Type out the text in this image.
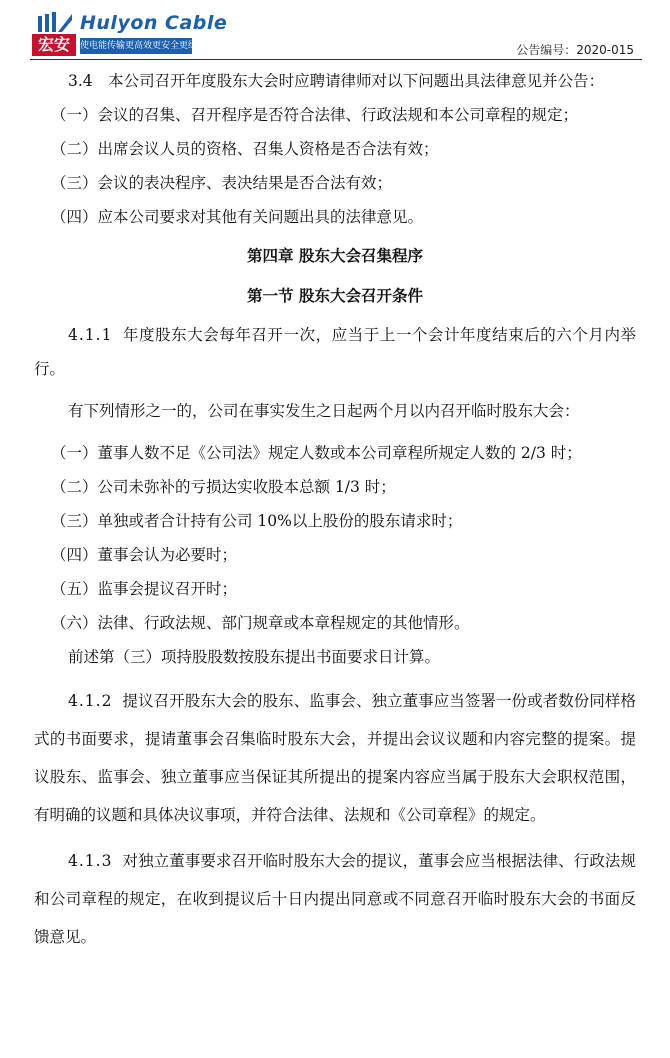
宏安
Hulyon Cable
使电能传输更高效更安全更绿色	公告编号：2020-015

3.4　本公司召开年度股东大会时应聘请律师对以下问题出具法律意见并公告：

（一）会议的召集、召开程序是否符合法律、行政法规和本公司章程的规定；

（二）出席会议人员的资格、召集人资格是否合法有效；

（三）会议的表决程序、表决结果是否合法有效；

（四）应本公司要求对其他有关问题出具的法律意见。

第四章 股东大会召集程序

第一节 股东大会召开条件

4.1.1 年度股东大会每年召开一次，应当于上一个会计年度结束后的六个月内举行。

有下列情形之一的，公司在事实发生之日起两个月以内召开临时股东大会：

（一）董事人数不足《公司法》规定人数或本公司章程所规定人数的 2/3 时；

（二）公司未弥补的亏损达实收股本总额 1/3 时；

（三）单独或者合计持有公司 10%以上股份的股东请求时；

（四）董事会认为必要时；

（五）监事会提议召开时；

（六）法律、行政法规、部门规章或本章程规定的其他情形。

前述第（三）项持股股数按股东提出书面要求日计算。

4.1.2 提议召开股东大会的股东、监事会、独立董事应当签署一份或者数份同样格式的书面要求，提请董事会召集临时股东大会，并提出会议议题和内容完整的提案。提议股东、监事会、独立董事应当保证其所提出的提案内容应当属于股东大会职权范围，有明确的议题和具体决议事项，并符合法律、法规和《公司章程》的规定。

4.1.3 对独立董事要求召开临时股东大会的提议，董事会应当根据法律、行政法规和公司章程的规定，在收到提议后十日内提出同意或不同意召开临时股东大会的书面反馈意见。
